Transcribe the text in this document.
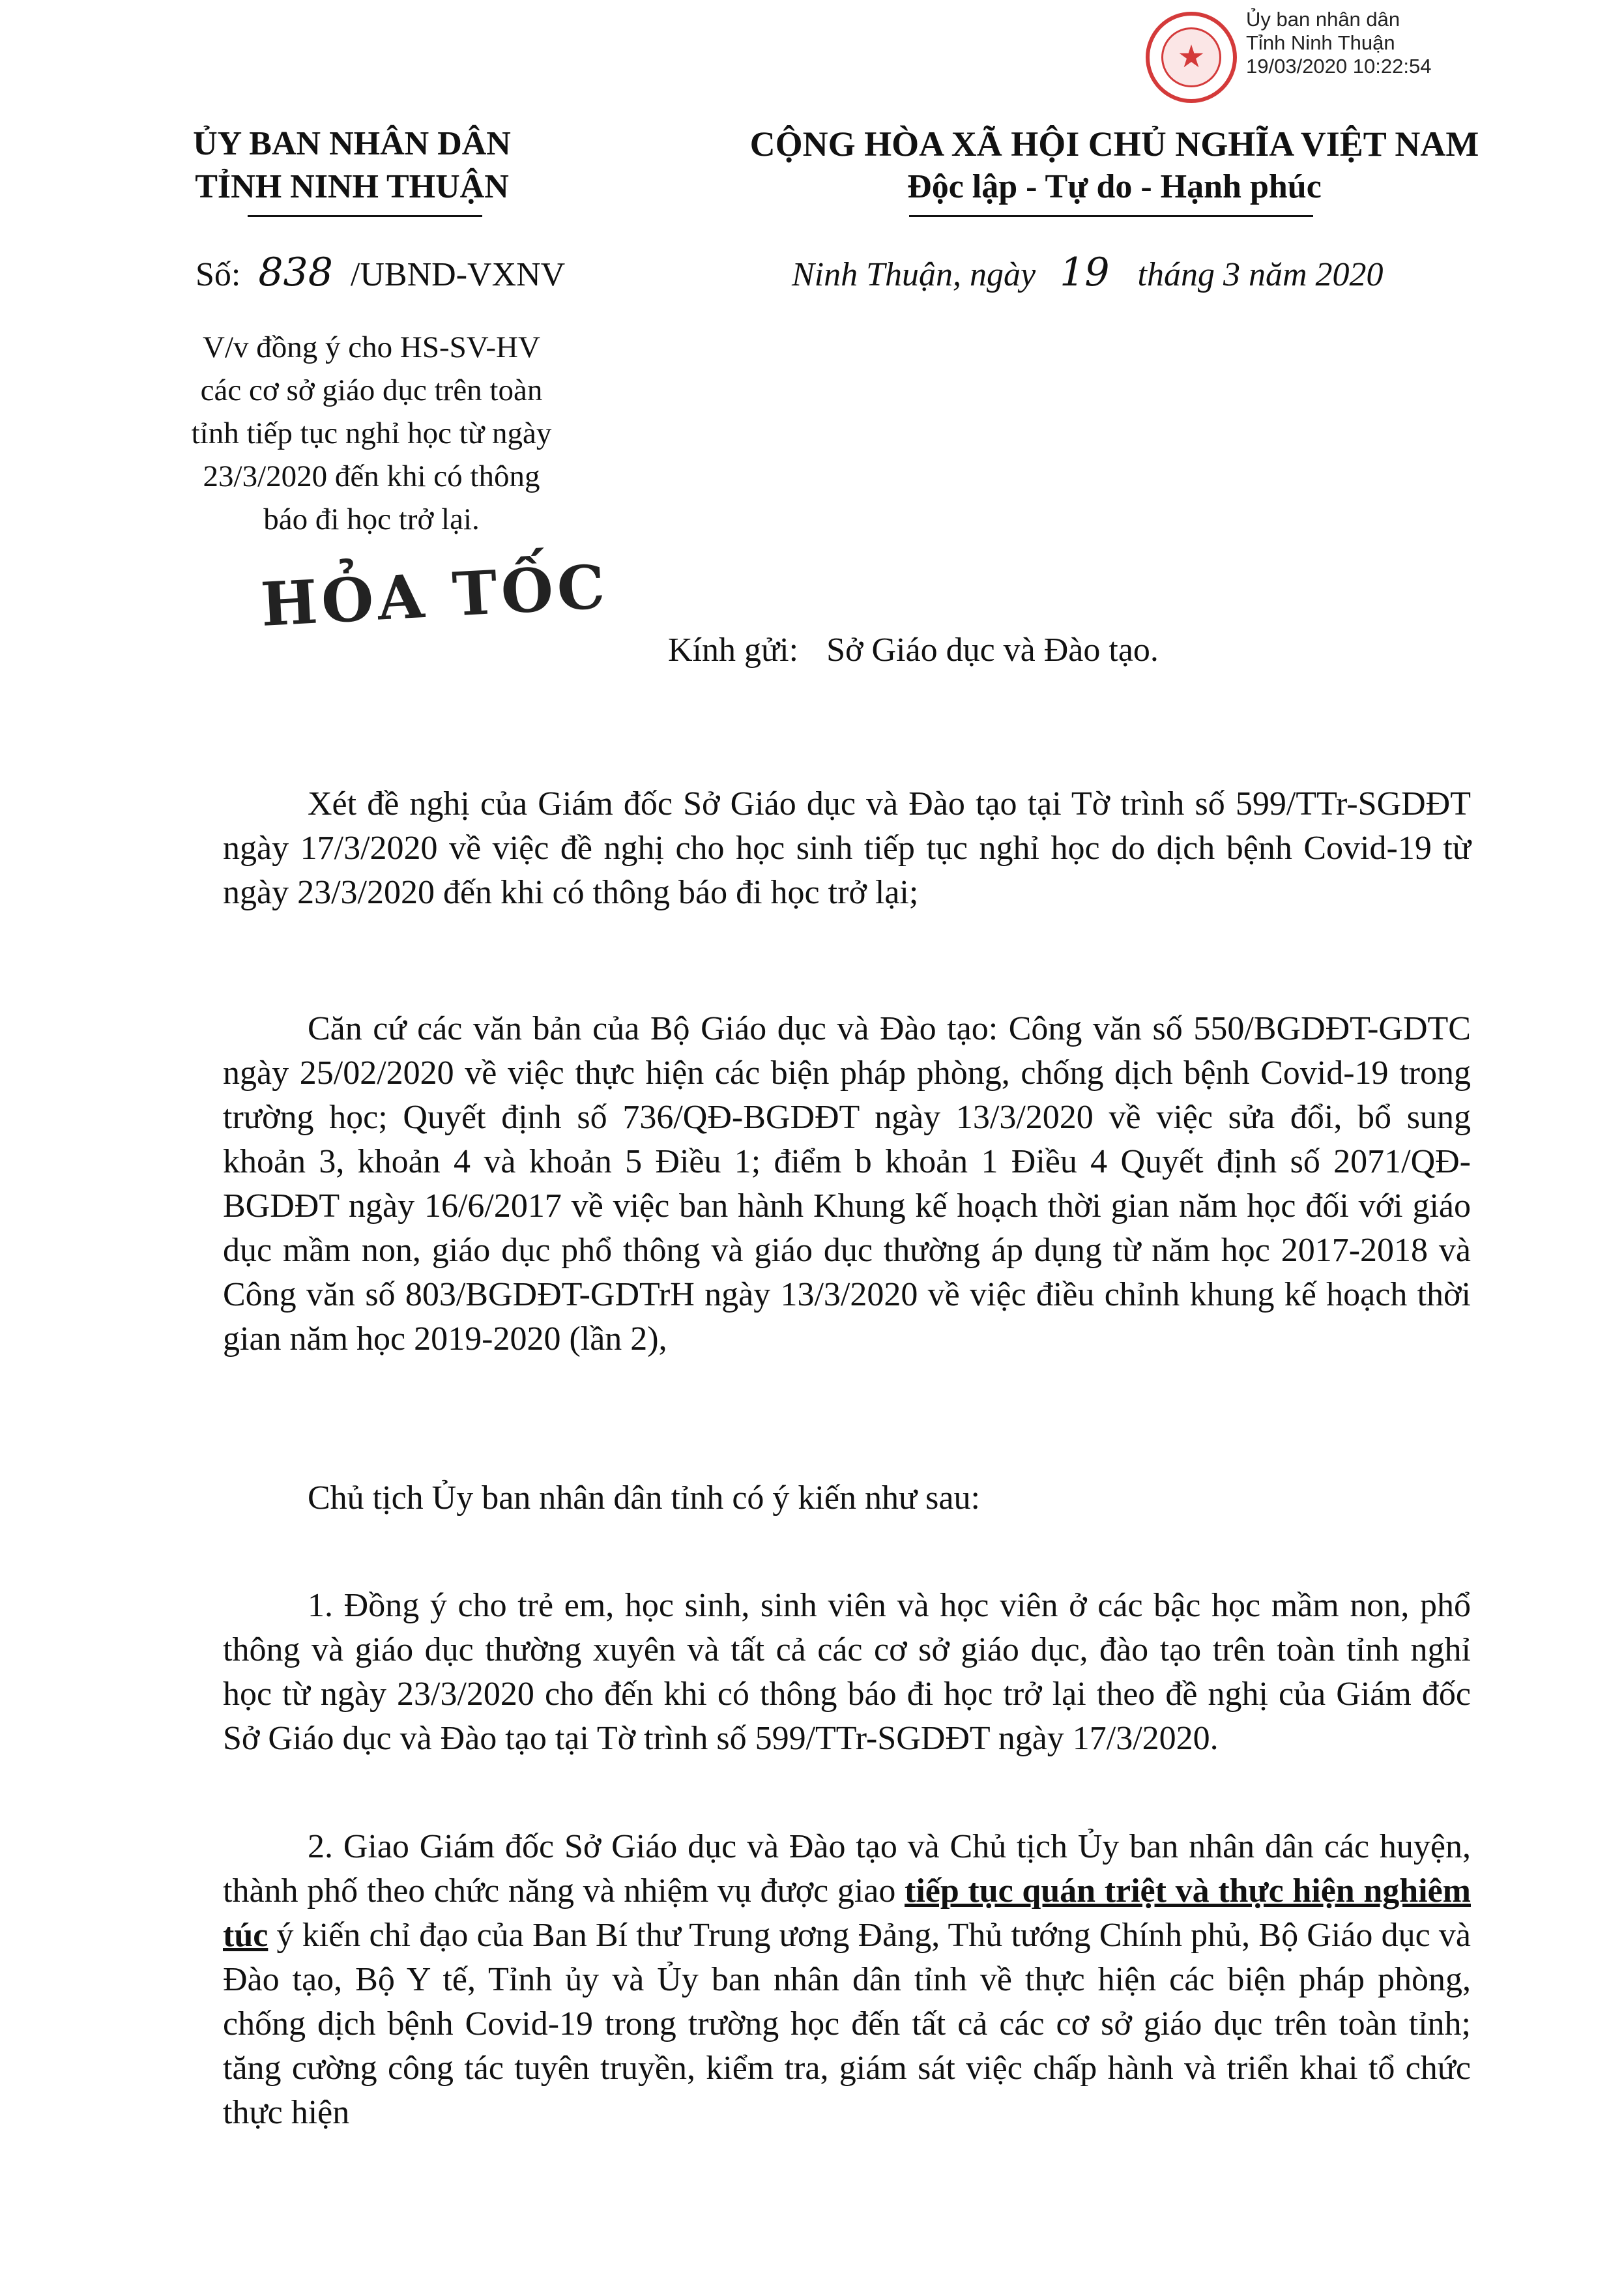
★
Ủy ban nhân dân
Tỉnh Ninh Thuận
19/03/2020 10:22:54
ỦY BAN NHÂN DÂN
TỈNH NINH THUẬN
Số: 838 /UBND-VXNV
CỘNG HÒA XÃ HỘI CHỦ NGHĨA VIỆT NAM
Độc lập - Tự do - Hạnh phúc
Ninh Thuận, ngày 19 tháng 3 năm 2020
V/v đồng ý cho HS-SV-HV
các cơ sở giáo dục trên toàn
tỉnh tiếp tục nghỉ học từ ngày
23/3/2020 đến khi có thông
báo đi học trở lại.
HỎA TỐC
Kính gửi: Sở Giáo dục và Đào tạo.

Xét đề nghị của Giám đốc Sở Giáo dục và Đào tạo tại Tờ trình số 599/TTr-SGDĐT ngày 17/3/2020 về việc đề nghị cho học sinh tiếp tục nghỉ học do dịch bệnh Covid-19 từ ngày 23/3/2020 đến khi có thông báo đi học trở lại;

Căn cứ các văn bản của Bộ Giáo dục và Đào tạo: Công văn số 550/BGDĐT-GDTC ngày 25/02/2020 về việc thực hiện các biện pháp phòng, chống dịch bệnh Covid-19 trong trường học; Quyết định số 736/QĐ-BGDĐT ngày 13/3/2020 về việc sửa đổi, bổ sung khoản 3, khoản 4 và khoản 5 Điều 1; điểm b khoản 1 Điều 4 Quyết định số 2071/QĐ-BGDĐT ngày 16/6/2017 về việc ban hành Khung kế hoạch thời gian năm học đối với giáo dục mầm non, giáo dục phổ thông và giáo dục thường áp dụng từ năm học 2017-2018 và Công văn số 803/BGDĐT-GDTrH ngày 13/3/2020 về việc điều chỉnh khung kế hoạch thời gian năm học 2019-2020 (lần 2),

Chủ tịch Ủy ban nhân dân tỉnh có ý kiến như sau:

1. Đồng ý cho trẻ em, học sinh, sinh viên và học viên ở các bậc học mầm non, phổ thông và giáo dục thường xuyên và tất cả các cơ sở giáo dục, đào tạo trên toàn tỉnh nghỉ học từ ngày 23/3/2020 cho đến khi có thông báo đi học trở lại theo đề nghị của Giám đốc Sở Giáo dục và Đào tạo tại Tờ trình số 599/TTr-SGDĐT ngày 17/3/2020.

2. Giao Giám đốc Sở Giáo dục và Đào tạo và Chủ tịch Ủy ban nhân dân các huyện, thành phố theo chức năng và nhiệm vụ được giao tiếp tục quán triệt và thực hiện nghiêm túc ý kiến chỉ đạo của Ban Bí thư Trung ương Đảng, Thủ tướng Chính phủ, Bộ Giáo dục và Đào tạo, Bộ Y tế, Tỉnh ủy và Ủy ban nhân dân tỉnh về thực hiện các biện pháp phòng, chống dịch bệnh Covid-19 trong trường học đến tất cả các cơ sở giáo dục trên toàn tỉnh; tăng cường công tác tuyên truyền, kiểm tra, giám sát việc chấp hành và triển khai tổ chức thực hiện
